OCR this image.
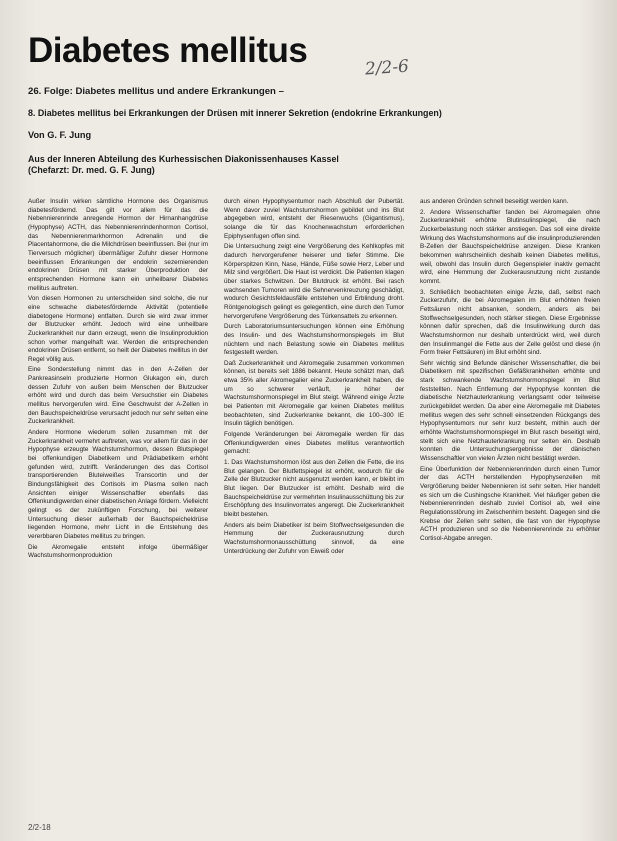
Diabetes mellitus	2/2-6

26. Folge: Diabetes mellitus und andere Erkrankungen –

8. Diabetes mellitus bei Erkrankungen der Drüsen mit innerer Sekretion (endokrine Erkrankungen)

Von G. F. Jung

Aus der Inneren Abteilung des Kurhessischen Diakonissenhauses Kassel
(Chefarzt: Dr. med. G. F. Jung)

Außer Insulin wirken sämtliche Hormone des Organismus diabetesfördernd. Das gilt vor allem für das die Nebennierenrinde anregende Hormon der Hirnanhangdrüse (Hypophyse) ACTH, das Nebennierenrindenhormon Cortisol, das Nebennierenmarkhormon Adrenalin und die Placentahormone, die die Milchdrüsen beeinflussen. Bei (nur im Tierversuch möglicher) übermäßiger Zufuhr dieser Hormone beeinflussen Erkrankungen der endokrin sezernierenden endokrinen Drüsen mit starker Überproduktion der entsprechenden Hormone kann ein unheilbarer Diabetes mellitus auftreten.

Von diesen Hormonen zu unterscheiden sind solche, die nur eine schwache diabetesfördernde Aktivität (potentielle diabetogene Hormone) entfalten. Durch sie wird zwar immer der Blutzucker erhöht. Jedoch wird eine unheilbare Zuckerkrankheit nur dann erzeugt, wenn die Insulinproduktion schon vorher mangelhaft war. Werden die entsprechenden endokrinen Drüsen entfernt, so heilt der Diabetes mellitus in der Regel völlig aus.

Eine Sonderstellung nimmt das in den A-Zellen der Pankreasinseln produzierte Hormon Glukagon ein, durch dessen Zufuhr von außen beim Menschen der Blutzucker erhöht wird und durch das beim Versuchstier ein Diabetes mellitus hervorgerufen wird. Eine Geschwulst der A-Zellen in den Bauchspeicheldrüse verursacht jedoch nur sehr selten eine Zuckerkrankheit.

Andere Hormone wiederum sollen zusammen mit der Zuckerkrankheit vermehrt auftreten, was vor allem für das in der Hypophyse erzeugte Wachstumshormon, dessen Blutspiegel bei offenkundigen Diabetikern und Prädiabetikern erhöht gefunden wird, zutrifft. Veränderungen des das Cortisol transportierenden Bluteiweißes Transcortin und der Bindungsfähigkeit des Cortisols im Plasma sollen nach Ansichten einiger Wissenschaftler ebenfalls das Offenkundigwerden einer diabetischen Anlage fördern. Vielleicht gelingt es der zukünftigen Forschung, bei weiterer Untersuchung dieser außerhalb der Bauchspeicheldrüse liegenden Hormone, mehr Licht in die Entstehung des vererbbaren Diabetes mellitus zu bringen.

Die Akromegalie entsteht infolge übermäßiger Wachstumshormonproduktion

durch einen Hypophysentumor nach Abschluß der Pubertät. Wenn davor zuviel Wachstumshormon gebildet und ins Blut abgegeben wird, entsteht der Riesenwuchs (Gigantismus), solange die für das Knochenwachstum erforderlichen Epiphysenfugen offen sind.

Die Untersuchung zeigt eine Vergrößerung des Kehlkopfes mit dadurch hervorgerufener heiserer und tiefer Stimme. Die Körperspitzen Kinn, Nase, Hände, Füße sowie Herz, Leber und Milz sind vergrößert. Die Haut ist verdickt. Die Patienten klagen über starkes Schwitzen. Der Blutdruck ist erhöht. Bei rasch wachsenden Tumoren wird die Sehnervenkreuzung geschädigt, wodurch Gesichtsfeldausfälle entstehen und Erblindung droht. Röntgenologisch gelingt es gelegentlich, eine durch den Tumor hervorgerufene Vergrößerung des Türkensattels zu erkennen.

Durch Laboratoriumsuntersuchungen können eine Erhöhung des Insulin- und des Wachstumshormonspiegels im Blut nüchtern und nach Belastung sowie ein Diabetes mellitus festgestellt werden.

Daß Zuckerkrankheit und Akromegalie zusammen vorkommen können, ist bereits seit 1886 bekannt. Heute schätzt man, daß etwa 35% aller Akromegalier eine Zuckerkrankheit haben, die um so schwerer verläuft, je höher der Wachstumshormonspiegel im Blut steigt. Während einige Ärzte bei Patienten mit Akromegalie gar keinen Diabetes mellitus beobachteten, sind Zuckerkranke bekannt, die 100–300 IE Insulin täglich benötigen.

Folgende Veränderungen bei Akromegalie werden für das Offenkundigwerden eines Diabetes mellitus verantwortlich gemacht:

1. Das Wachstumshormon löst aus den Zellen die Fette, die ins Blut gelangen. Der Blutfettspiegel ist erhöht, wodurch für die Zelle der Blutzucker nicht ausgenutzt werden kann, er bleibt im Blut liegen. Der Blutzucker ist erhöht. Deshalb wird die Bauchspeicheldrüse zur vermehrten Insulinausschüttung bis zur Erschöpfung des Insulinvorrates angeregt. Die Zuckerkrankheit bleibt bestehen.

Anders als beim Diabetiker ist beim Stoffwechselgesunden die Hemmung der Zuckerausnutzung durch Wachstumshormonausschüttung sinnvoll, da eine Unterdrückung der Zufuhr von Eiweiß oder

aus anderen Gründen schnell beseitigt werden kann.

2. Andere Wissenschaftler fanden bei Akromegalen ohne Zuckerkrankheit erhöhte Blutinsulinspiegel, die nach Zuckerbelastung noch stärker anstiegen. Das soll eine direkte Wirkung des Wachstumshormons auf die insulinproduzierenden B-Zellen der Bauchspeicheldrüse anzeigen. Diese Kranken bekommen wahrscheinlich deshalb keinen Diabetes mellitus, weil, obwohl das Insulin durch Gegenspieler inaktiv gemacht wird, eine Hemmung der Zuckerausnutzung nicht zustande kommt.

3. Schließlich beobachteten einige Ärzte, daß, selbst nach Zuckerzufuhr, die bei Akromegalen im Blut erhöhten freien Fettsäuren nicht absanken, sondern, anders als bei Stoffwechselgesunden, noch stärker stiegen. Diese Ergebnisse können dafür sprechen, daß die Insulinwirkung durch das Wachstumshormon nur deshalb unterdrückt wird, weil durch den Insulinmangel die Fette aus der Zelle gelöst und diese (in Form freier Fettsäuren) im Blut erhöht sind.

Sehr wichtig sind Befunde dänischer Wissenschaftler, die bei Diabetikern mit spezifischen Gefäßkrankheiten erhöhte und stark schwankende Wachstumshormonspiegel im Blut feststellten. Nach Entfernung der Hypophyse konnten die diabetische Netzhauterkrankung verlangsamt oder teilweise zurückgebildet werden. Da aber eine Akromegalie mit Diabetes mellitus wegen des sehr schnell einsetzenden Rückgangs des Hypophysentumors nur sehr kurz besteht, mithin auch der erhöhte Wachstumshormonspiegel im Blut rasch beseitigt wird, stellt sich eine Netzhauterkrankung nur selten ein. Deshalb konnten die Untersuchungsergebnisse der dänischen Wissenschaftler von vielen Ärzten nicht bestätigt werden.

Eine Überfunktion der Nebennierenrinden durch einen Tumor der das ACTH herstellenden Hypophysenzellen mit Vergrößerung beider Nebennieren ist sehr selten. Hier handelt es sich um die Cushingsche Krankheit. Viel häufiger geben die Nebennierenrinden deshalb zuviel Cortisol ab, weil eine Regulationsstörung im Zwischenhirn besteht. Dagegen sind die Krebse der Zellen sehr selten, die fast von der Hypophyse ACTH produzieren und so die Nebennierenrinde zu erhöhter Cortisol-Abgabe anregen.

2/2-18
